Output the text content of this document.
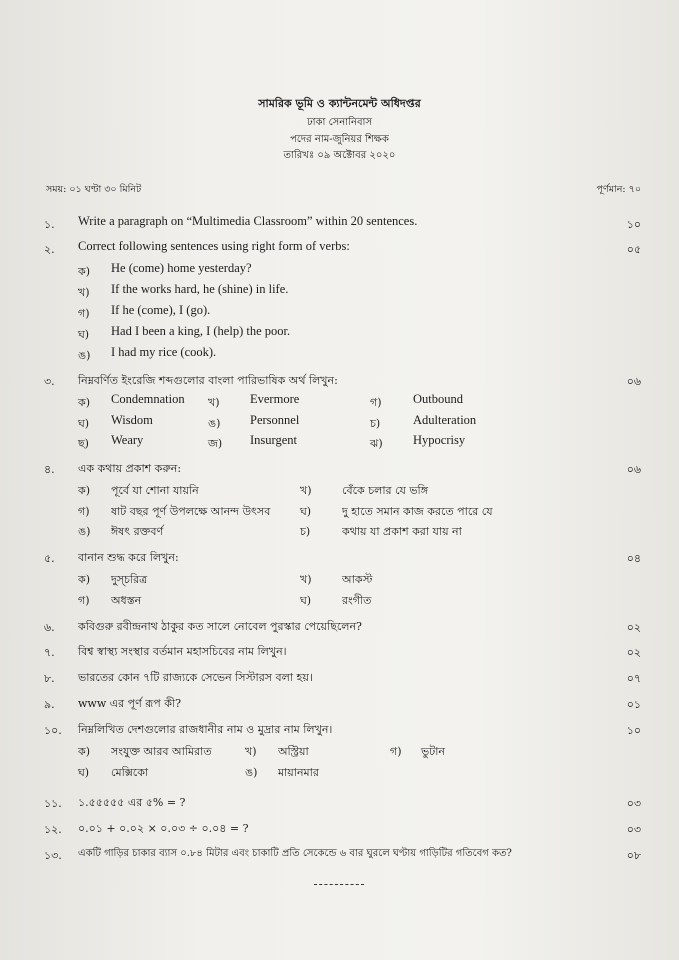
সামরিক ভূমি ও ক্যান্টনমেন্ট অধিদপ্তর
ঢাকা সেনানিবাস
পদের নাম-জুনিয়র শিক্ষক
তারিখঃ ০৯ অক্টোবর ২০২০
সময়: ০১ ঘণ্টা ৩০ মিনিট	পূর্ণমান: ৭০
১. Write a paragraph on “Multimedia Classroom” within 20 sentences.	১০
২. Correct following sentences using right form of verbs:	০৫
ক) He (come) home yesterday?
খ) If the works hard, he (shine) in life.
গ) If he (come), I (go).
ঘ) Had I been a king, I (help) the poor.
ঙ) I had my rice (cook).
৩. নিম্নবর্ণিত ইংরেজি শব্দগুলোর বাংলা পারিভাষিক অর্থ লিখুন:	০৬
ক) Condemnation খ) Evermore	গ)	Outbound
ঘ) Wisdom	ঙ) Personnel	চ)	Adulteration
ছ) Weary	জ) Insurgent	ঝ) Hypocrisy
৪. এক কথায় প্রকাশ করুন:	০৬
ক) পূর্বে যা শোনা যায়নি	খ)	বেঁকে চলার যে ভঙ্গি
গ) ষাট বছর পূর্ণ উপলক্ষে আনন্দ উৎসব	ঘ)	দু হাতে সমান কাজ করতে পারে যে
ঙ) ঈষৎ রক্তবর্ণ	চ)	কথায় যা প্রকাশ করা যায় না
৫. বানান শুদ্ধ করে লিখুন:	০৪
ক) দুস্চরিত্র	খ)	আকস্ট
গ) অধস্তন	ঘ)	রংগীত
৬. কবিগুরু রবীন্দ্রনাথ ঠাকুর কত সালে নোবেল পুরস্কার পেয়েছিলেন?	০২
৭. বিশ্ব স্বাস্থ্য সংস্থার বর্তমান মহাসচিবের নাম লিখুন।	০২
৮. ভারতের কোন ৭টি রাজ্যকে সেভেন সিস্টারস বলা হয়।	০৭
৯. www এর পূর্ণ রূপ কী?	০১
১০. নিম্নলিখিত দেশগুলোর রাজধানীর নাম ও মুদ্রার নাম লিখুন।	১০
ক) সংযুক্ত আরব আমিরাত	খ) অস্ট্রিয়া	গ) ভুটান
ঘ) মেক্সিকো	ঙ) মায়ানমার
১১. ১.৫৫৫৫৫ এর ৫% = ?	০৩
১২. ০.০১ + ০.০২ × ০.০৩ ÷ ০.০৪ = ?	০৩
১৩. একটি গাড়ির চাকার ব্যাস ০.৮৪ মিটার এবং চাকাটি প্রতি সেকেন্ডে ৬ বার ঘুরলে ঘণ্টায় গাড়িটির গতিবেগ কত?	০৮
